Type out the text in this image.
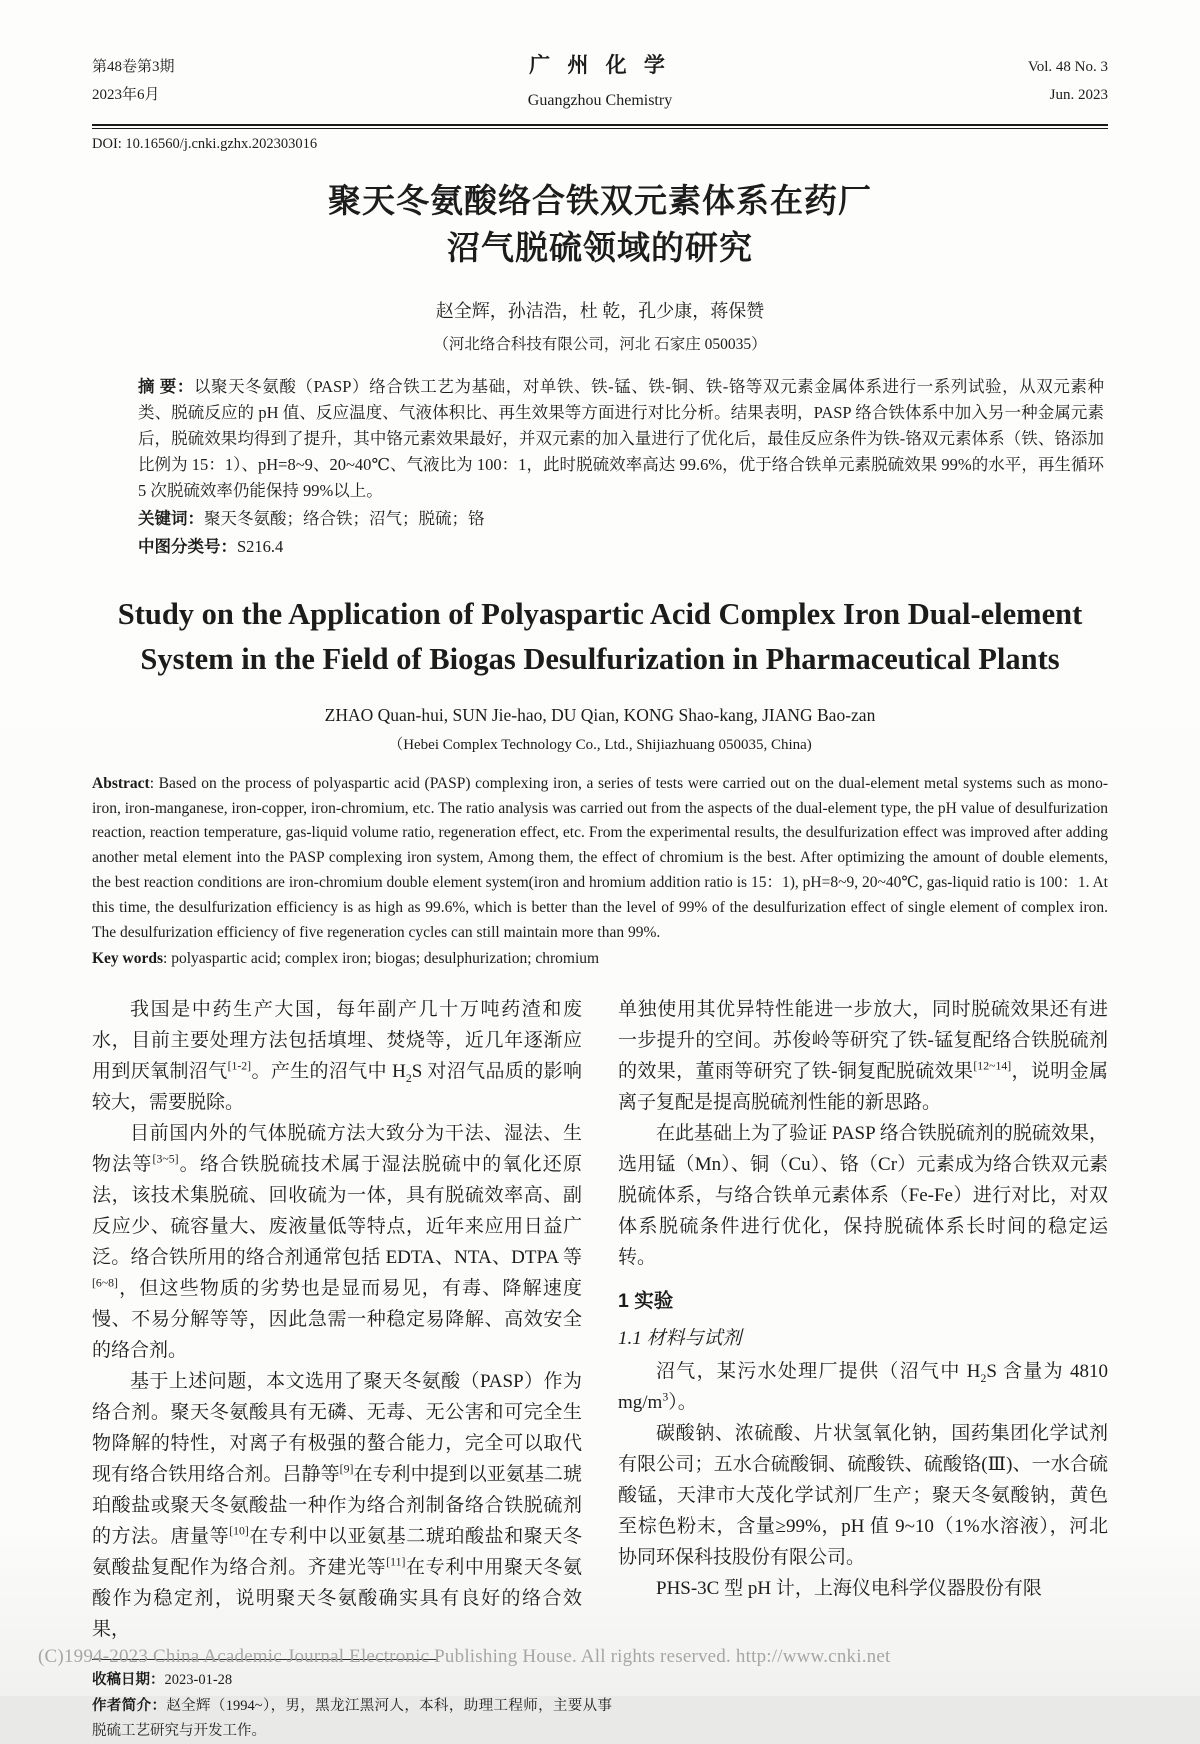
第48卷第3期
2023年6月
广 州 化 学
Guangzhou Chemistry
Vol. 48 No. 3
Jun. 2023
DOI: 10.16560/j.cnki.gzhx.202303016
聚天冬氨酸络合铁双元素体系在药厂
沼气脱硫领域的研究
赵全辉，孙洁浩，杜 乾，孔少康，蒋保赞
（河北络合科技有限公司，河北 石家庄 050035）

摘 要：以聚天冬氨酸（PASP）络合铁工艺为基础，对单铁、铁-锰、铁-铜、铁-铬等双元素金属体系进行一系列试验，从双元素种类、脱硫反应的 pH 值、反应温度、气液体积比、再生效果等方面进行对比分析。结果表明，PASP 络合铁体系中加入另一种金属元素后，脱硫效果均得到了提升，其中铬元素效果最好，并双元素的加入量进行了优化后，最佳反应条件为铁-铬双元素体系（铁、铬添加比例为 15：1）、pH=8~9、20~40℃、气液比为 100：1，此时脱硫效率高达 99.6%，优于络合铁单元素脱硫效果 99%的水平，再生循环 5 次脱硫效率仍能保持 99%以上。

关键词：聚天冬氨酸；络合铁；沼气；脱硫；铬

中图分类号：S216.4

Study on the Application of Polyaspartic Acid Complex Iron Dual-element System in the Field of Biogas Desulfurization in Pharmaceutical Plants
ZHAO Quan-hui, SUN Jie-hao, DU Qian, KONG Shao-kang, JIANG Bao-zan
（Hebei Complex Technology Co., Ltd., Shijiazhuang 050035, China)

Abstract: Based on the process of polyaspartic acid (PASP) complexing iron, a series of tests were carried out on the dual-element metal systems such as mono-iron, iron-manganese, iron-copper, iron-chromium, etc. The ratio analysis was carried out from the aspects of the dual-element type, the pH value of desulfurization reaction, reaction temperature, gas-liquid volume ratio, regeneration effect, etc. From the experimental results, the desulfurization effect was improved after adding another metal element into the PASP complexing iron system, Among them, the effect of chromium is the best. After optimizing the amount of double elements, the best reaction conditions are iron-chromium double element system(iron and hromium addition ratio is 15：1), pH=8~9, 20~40℃, gas-liquid ratio is 100：1. At this time, the desulfurization efficiency is as high as 99.6%, which is better than the level of 99% of the desulfurization effect of single element of complex iron. The desulfurization efficiency of five regeneration cycles can still maintain more than 99%.

Key words: polyaspartic acid; complex iron; biogas; desulphurization; chromium

我国是中药生产大国，每年副产几十万吨药渣和废水，目前主要处理方法包括填埋、焚烧等，近几年逐渐应用到厌氧制沼气[1-2]。产生的沼气中 $H_2S$ 对沼气品质的影响较大，需要脱除。

目前国内外的气体脱硫方法大致分为干法、湿法、生物法等[3~5]。络合铁脱硫技术属于湿法脱硫中的氧化还原法，该技术集脱硫、回收硫为一体，具有脱硫效率高、副反应少、硫容量大、废液量低等特点，近年来应用日益广泛。络合铁所用的络合剂通常包括 EDTA、NTA、DTPA 等[6~8]，但这些物质的劣势也是显而易见，有毒、降解速度慢、不易分解等等，因此急需一种稳定易降解、高效安全的络合剂。

基于上述问题，本文选用了聚天冬氨酸（PASP）作为络合剂。聚天冬氨酸具有无磷、无毒、无公害和可完全生物降解的特性，对离子有极强的螯合能力，完全可以取代现有络合铁用络合剂。吕静等[9]在专利中提到以亚氨基二琥珀酸盐或聚天冬氨酸盐一种作为络合剂制备络合铁脱硫剂的方法。唐量等[10]在专利中以亚氨基二琥珀酸盐和聚天冬氨酸盐复配作为络合剂。齐建光等[11]在专利中用聚天冬氨酸作为稳定剂，说明聚天冬氨酸确实具有良好的络合效果，

收稿日期：2023-01-28

作者简介：赵全辉（1994~），男，黑龙江黑河人，本科，助理工程师，主要从事脱硫工艺研究与开发工作。

单独使用其优异特性能进一步放大，同时脱硫效果还有进一步提升的空间。苏俊岭等研究了铁-锰复配络合铁脱硫剂的效果，董雨等研究了铁-铜复配脱硫效果[12~14]，说明金属离子复配是提高脱硫剂性能的新思路。

在此基础上为了验证 PASP 络合铁脱硫剂的脱硫效果，选用锰（Mn）、铜（Cu）、铬（Cr）元素成为络合铁双元素脱硫体系，与络合铁单元素体系（Fe-Fe）进行对比，对双体系脱硫条件进行优化，保持脱硫体系长时间的稳定运转。

1 实验
1.1 材料与试剂

沼气，某污水处理厂提供（沼气中 $H_2S$ 含量为 4810 $mg/m^3$）。

碳酸钠、浓硫酸、片状氢氧化钠，国药集团化学试剂有限公司；五水合硫酸铜、硫酸铁、硫酸铬(Ⅲ)、一水合硫酸锰，天津市大茂化学试剂厂生产；聚天冬氨酸钠，黄色至棕色粉末，含量≥99%，pH 值 9~10（1%水溶液），河北协同环保科技股份有限公司。

PHS-3C 型 pH 计，上海仪电科学仪器股份有限

(C)1994-2023 China Academic Journal Electronic Publishing House. All rights reserved. http://www.cnki.net
